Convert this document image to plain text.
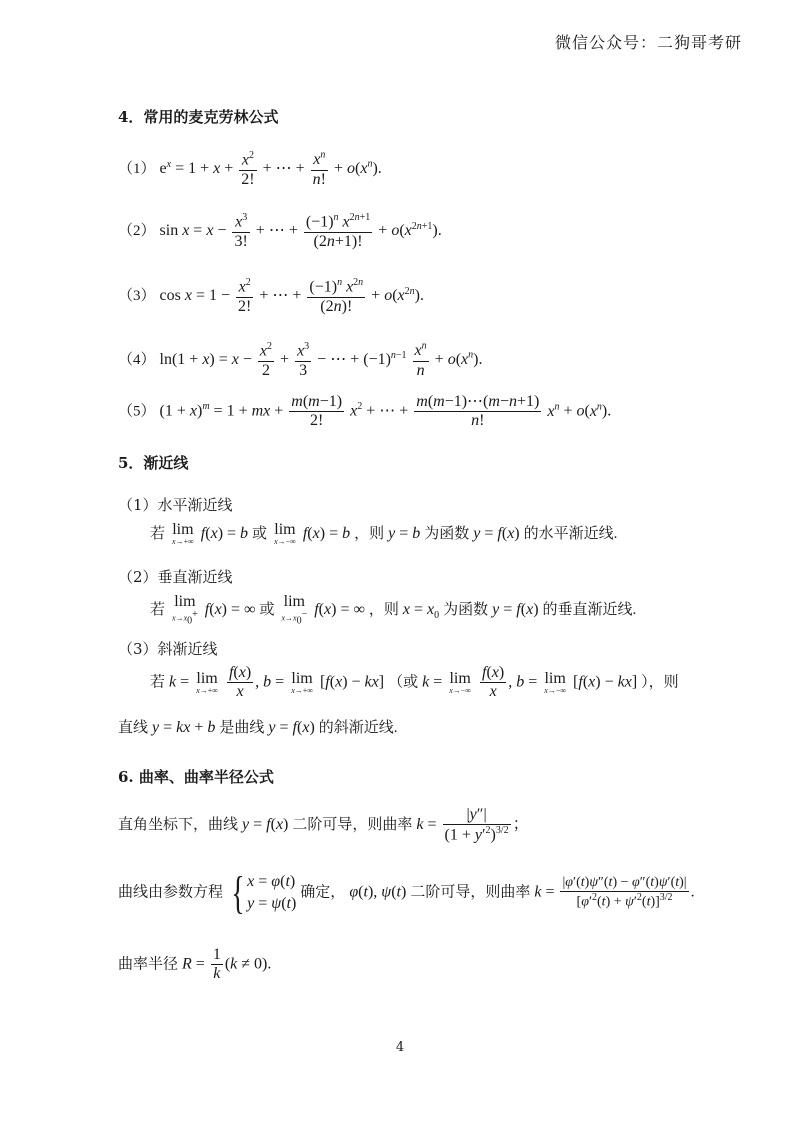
微信公众号：二狗哥考研
4．常用的麦克劳林公式
（1） $e^x = 1 + x + \frac{x^2}{2!}$ + ⋯ + $\frac{x^n}{n!} + o(x^n)$.
（2） $\sin x = x - \frac{x^3}{3!}$ + ⋯ + $\frac{(-1)^n x^{2n+1}}{(2n+1)!} + o(x^{2n+1})$.
（3） $\cos x = 1 - \frac{x^2}{2!}$ + ⋯ + $\frac{(-1)^n x^{2n}}{(2n)!} + o(x^{2n})$.
（4） $\ln(1 + x) = x - \frac{x^2}{2} + \frac{x^3}{3}$ − ⋯ + $(-1)^{n-1} \frac{x^n}{n} + o(x^n)$.
（5） $(1 + x)^m = 1$ + mx + $\frac{m(m-1)}{2!} x^2$ + ⋯ + $\frac{m(m-1)\cdots(m-n+1)}{n!} x^n + o(x^n)$.
5．渐近线
（1）水平渐近线
若 lim
x→+∞ f(x) = b 或 lim
x→−∞ f(x) = b ，则 y = b 为函数 y = f(x) 的水平渐近线.
（2）垂直渐近线
若 lim
$x\to x_0^+$ f(x) = ∞ 或 lim
$x\to x_0^-$ f(x) = ∞ ，则 $x = x_0$ 为函数 y = f(x) 的垂直渐近线.
（3）斜渐近线
若 k = lim
x→+∞
$\frac{f(x)}{x}$ , b = lim
x→+∞ [f(x) − kx] （或 k = lim
x→−∞
$\frac{f(x)}{x}$ , b = lim
x→−∞ [f(x) − kx] ），则
直线 y = kx + b 是曲线 y = f(x) 的斜渐近线.
6. 曲率、曲率半径公式
直角坐标下，曲线 y = f(x) 二阶可导，则曲率 $k = \frac{|y''|}{(1 + y'^2)^{3/2}}$ ；
曲线由参数方程 { x = φ(t)
y = ψ(t) 确定， φ(t), ψ(t) 二阶可导，则曲率 $k = \frac{|\varphi'(t)\psi''(t) - \varphi''(t)\psi'(t)|}{[\varphi'^2(t) + \psi'^2(t)]^{3/2}}$ .
曲率半径 $R = \frac{1}{k} (k \ne 0)$.
4
